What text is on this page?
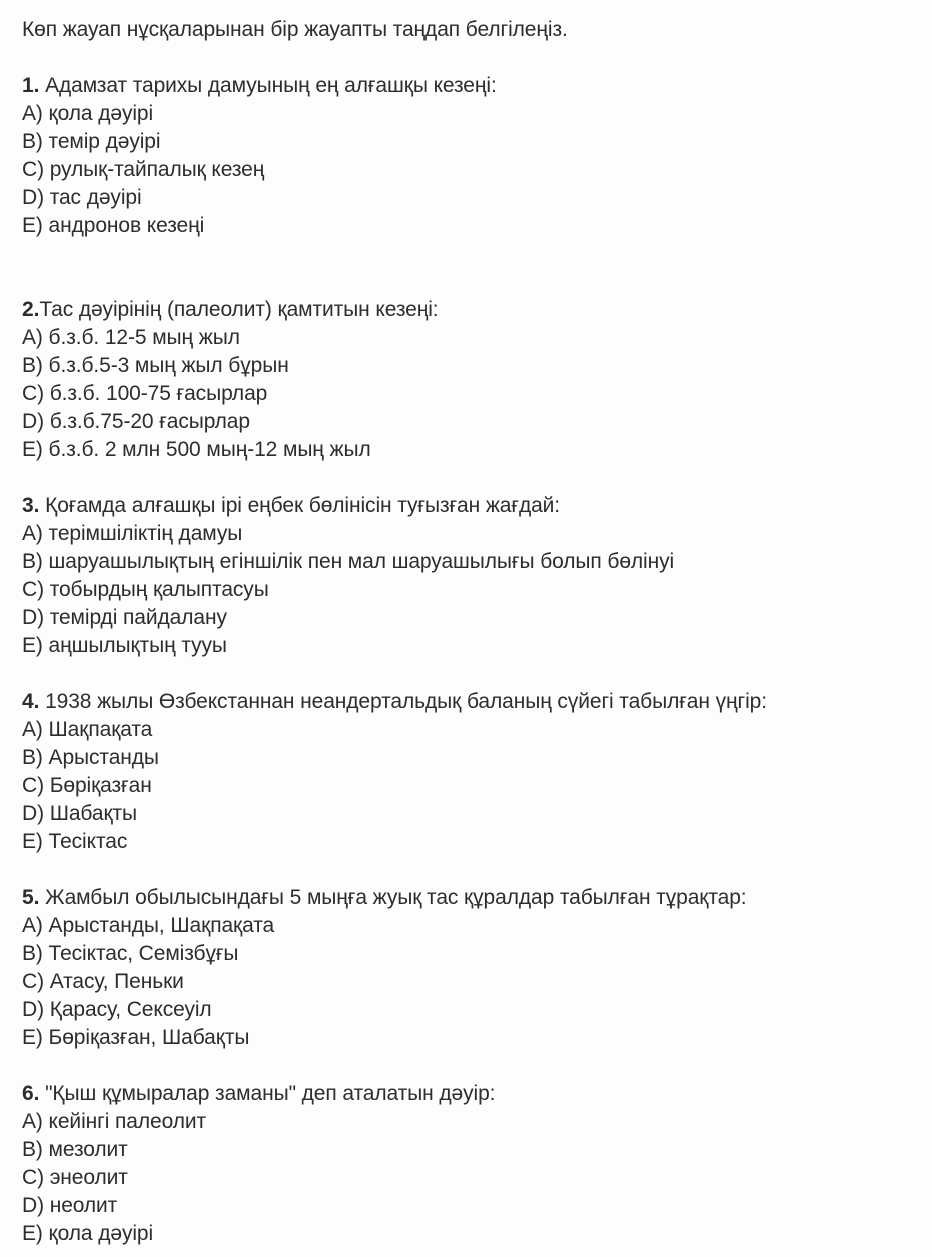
Көп жауап нұсқаларынан бір жауапты таңдап белгілеңіз.

1. Адамзат тарихы дамуының ең алғашқы кезеңі:

A) қола дәуірі

B) темір дәуірі

C) рулық-тайпалық кезең

D) тас дәуірі

E) андронов кезеңі

2.Тас дәуірінің (палеолит) қамтитын кезеңі:

A) б.з.б. 12-5 мың жыл

B) б.з.б.5-3 мың жыл бұрын

C) б.з.б. 100-75 ғасырлар

D) б.з.б.75-20 ғасырлар

E) б.з.б. 2 млн 500 мың-12 мың жыл

3. Қоғамда алғашқы ірі еңбек бөлінісін туғызған жағдай:

A) терімшіліктің дамуы

B) шаруашылықтың егіншілік пен мал шаруашылығы болып бөлінуі

C) тобырдың қалыптасуы

D) темірді пайдалану

E) аңшылықтың тууы

4. 1938 жылы Өзбекстаннан неандертальдық баланың сүйегі табылған үңгір:

A) Шақпақата

B) Арыстанды

C) Бөріқазған

D) Шабақты

E) Тесіктас

5. Жамбыл обылысындағы 5 мыңға жуық тас құралдар табылған тұрақтар:

A) Арыстанды, Шақпақата

B) Тесіктас, Семізбұғы

C) Атасу, Пеньки

D) Қарасу, Сексеуіл

E) Бөріқазған, Шабақты

6. "Қыш құмыралар заманы" деп аталатын дәуір:

A) кейінгі палеолит

B) мезолит

C) энеолит

D) неолит

E) қола дәуірі
